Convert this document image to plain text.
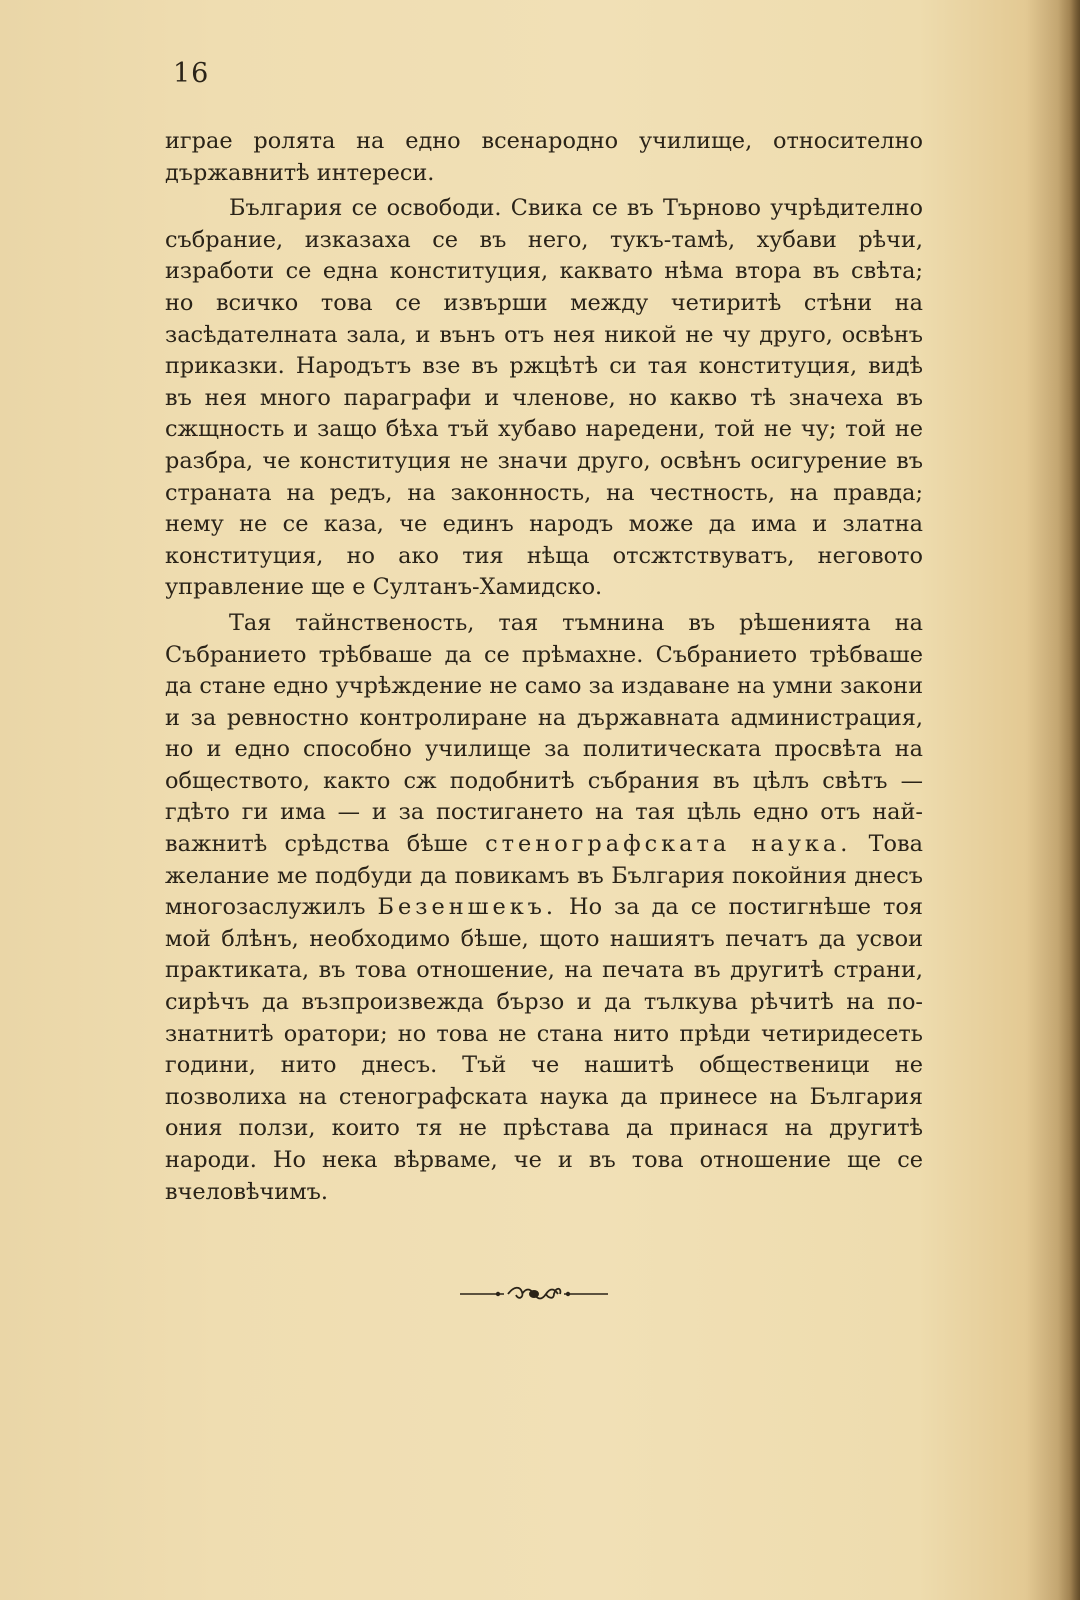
16

играе ролята на едно всенародно училище, относително държавнитѣ интереси.

България се освободи. Свика се въ Търново учрѣдително събрание, изказаха се въ него, тукъ-тамѣ, хубави рѣчи, изработи се една конституция, каквато нѣма втора въ свѣта; но всичко това се извърши между четиритѣ стѣни на засѣдателната зала, и вънъ отъ нея никой не чу друго, освѣнъ приказки. Народътъ взе въ ржцѣтѣ си тая конституция, видѣ въ нея много параграфи и членове, но какво тѣ значеха въ сжщность и защо бѣха тъй хубаво наредени, той не чу; той не разбра, че конституция не значи друго, освѣнъ осигурение въ страната на редъ, на законность, на честность, на правда; нему не се каза, че единъ народъ може да има и златна конституция, но ако тия нѣща отсжтствуватъ, неговото управление ще е Султанъ-Хамидско.

Тая тайнственость, тая тъмнина въ рѣшенията на Събранието трѣбваше да се прѣмахне. Събранието трѣбваше да стане едно учрѣждение не само за издаване на умни закони и за ревностно контролиране на държавната администрация, но и едно способно училище за политическата просвѣта на обществото, както сж подобнитѣ събрания въ цѣлъ свѣтъ — гдѣто ги има — и за постигането на тая цѣль едно отъ най-важнитѣ срѣдства бѣше стенографската наука. Това желание ме подбуди да повикамъ въ България покойния днесъ многозаслужилъ Безеншекъ. Но за да се постигнѣше тоя мой блѣнъ, необходимо бѣше, щото нашиятъ печатъ да усвои практиката, въ това отношение, на печата въ другитѣ страни, сирѣчъ да възпроизвежда бързо и да тълкува рѣчитѣ на по-знатнитѣ оратори; но това не стана нито прѣди четиридесеть години, нито днесъ. Тъй че нашитѣ общественици не позволиха на стенографската наука да принесе на България ония ползи, които тя не прѣстава да принася на другитѣ народи. Но нека вѣрваме, че и въ това отношение ще се вчеловѣчимъ.
